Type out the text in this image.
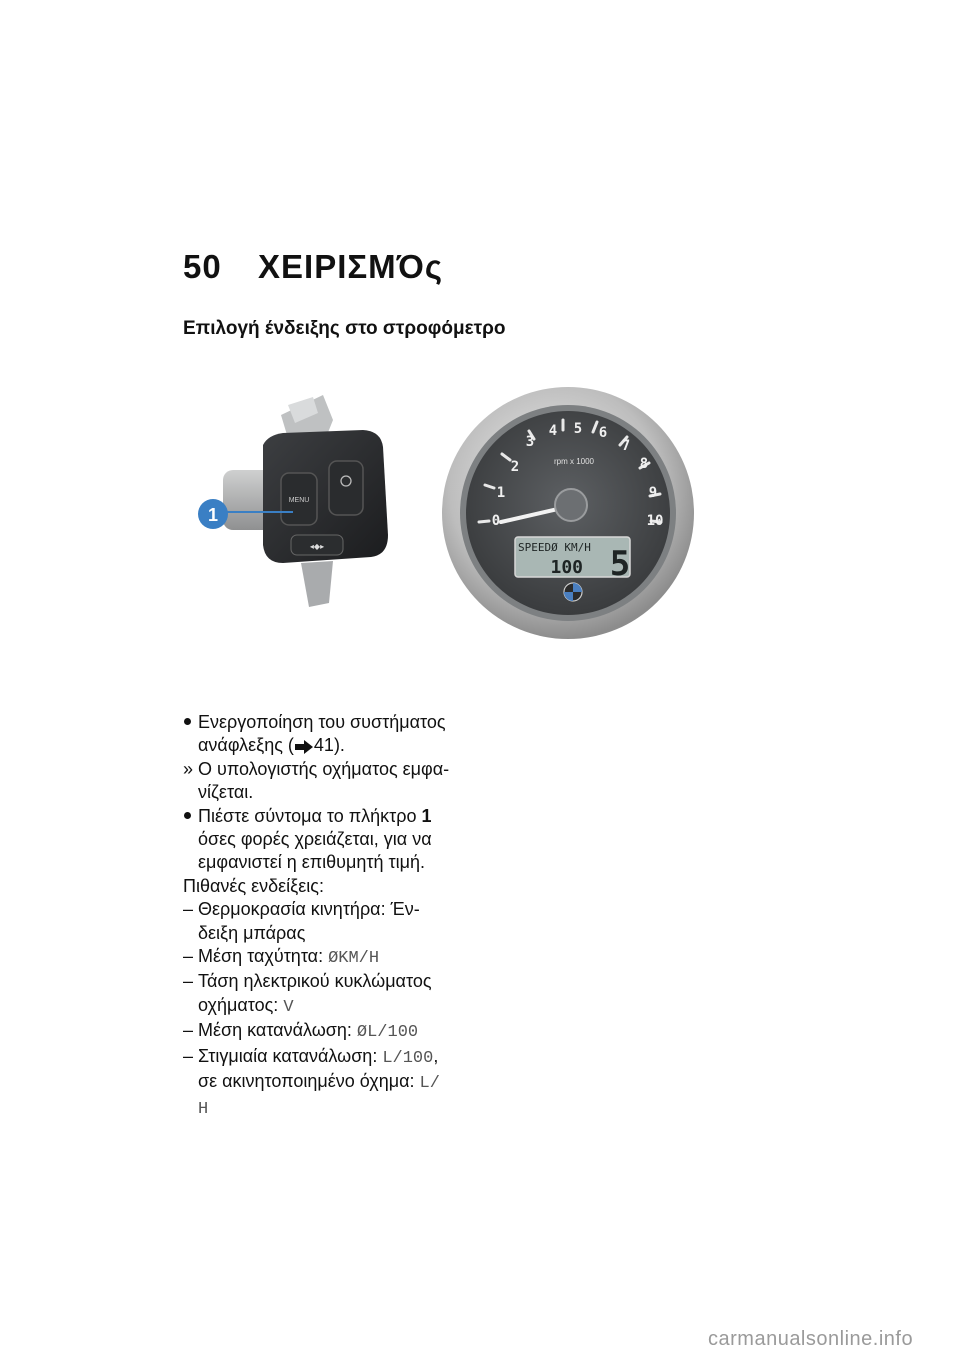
50 ΧΕΙΡΙΣΜΌς
Επιλογή ένδειξης στο στροφόμετρο
MENU
◂◆▸
1	0
1
2
3
4 5 6
7
8
9
10
rpm x 1000
SPEEDØ KM/H
100 5
Ενεργοποίηση του συστήματος
ανάφλεξης ( 41).
» Ο υπολογιστής οχήματος εμφα-
νίζεται.
Πιέστε σύντομα το πλήκτρο 1
όσες φορές χρειάζεται, για να
εμφανιστεί η επιθυμητή τιμή.
Πιθανές ενδείξεις:
– Θερμοκρασία κινητήρα: Έν-
δειξη μπάρας
– Μέση ταχύτητα: ØKM/H
– Τάση ηλεκτρικού κυκλώματος
οχήματος: V
– Μέση κατανάλωση: ØL/100
– Στιγμιαία κατανάλωση: L/100,
σε ακινητοποιημένο όχημα: L/
H
carmanualsonline.info
